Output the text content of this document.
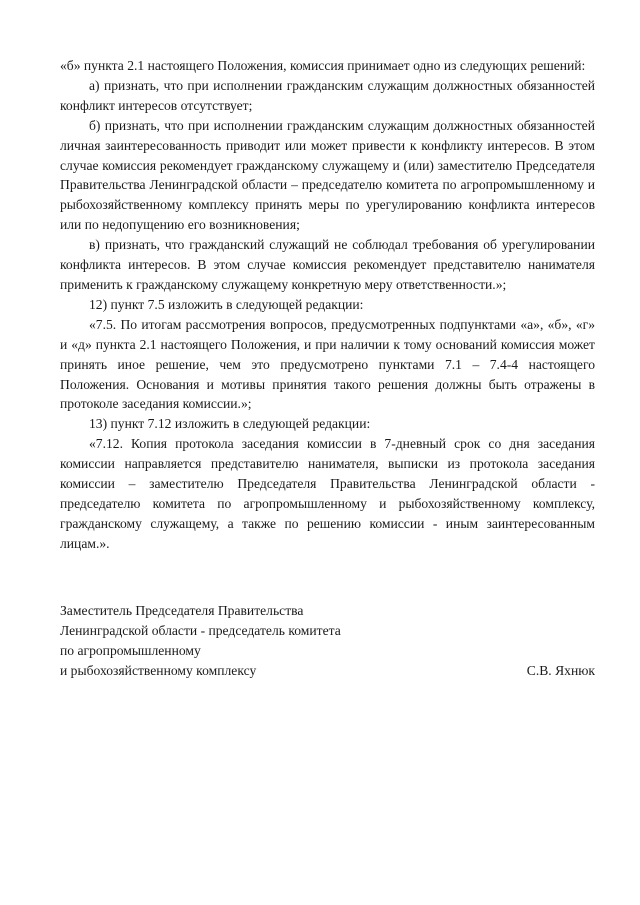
«б» пункта 2.1 настоящего Положения, комиссия принимает одно из следующих решений:

а) признать, что при исполнении гражданским служащим должностных обязанностей конфликт интересов отсутствует;

б) признать, что при исполнении гражданским служащим должностных обязанностей личная заинтересованность приводит или может привести к конфликту интересов. В этом случае комиссия рекомендует гражданскому служащему и (или) заместителю Председателя Правительства Ленинградской области – председателю комитета по агропромышленному и рыбохозяйственному комплексу принять меры по урегулированию конфликта интересов или по недопущению его возникновения;

в) признать, что гражданский служащий не соблюдал требования об урегулировании конфликта интересов. В этом случае комиссия рекомендует представителю нанимателя применить к гражданскому служащему конкретную меру ответственности.»;

12) пункт 7.5 изложить в следующей редакции:

«7.5. По итогам рассмотрения вопросов, предусмотренных подпунктами «а», «б», «г» и «д» пункта 2.1 настоящего Положения, и при наличии к тому оснований комиссия может принять иное решение, чем это предусмотрено пунктами 7.1 – 7.4-4 настоящего Положения. Основания и мотивы принятия такого решения должны быть отражены в протоколе заседания комиссии.»;

13) пункт 7.12 изложить в следующей редакции:

«7.12. Копия протокола заседания комиссии в 7-дневный срок со дня заседания комиссии направляется представителю нанимателя, выписки из протокола заседания комиссии – заместителю Председателя Правительства Ленинградской области - председателю комитета по агропромышленному и рыбохозяйственному комплексу, гражданскому служащему, а также по решению комиссии - иным заинтересованным лицам.».

Заместитель Председателя Правительства
Ленинградской области - председатель комитета
по агропромышленному
и рыбохозяйственному комплексу	С.В. Яхнюк
